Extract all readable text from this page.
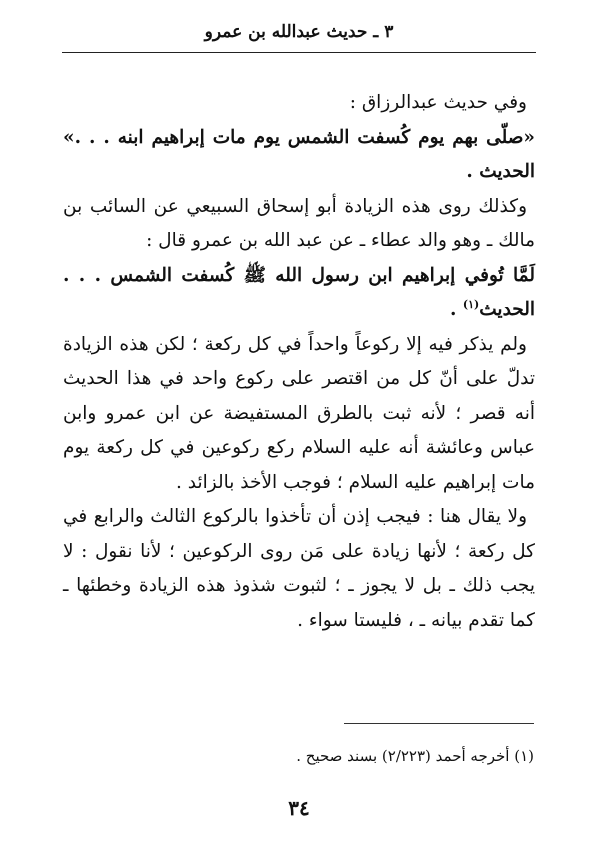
٣ ـ حديث عبدالله بن عمرو

وفي حديث عبدالرزاق :

«صلّى بهم يوم كُسفت الشمس يوم مات إبراهيم ابنه . . .» الحديث .

وكذلك روى هذه الزيادة أبو إسحاق السبيعي عن السائب بن مالك ـ وهو والد عطاء ـ عن عبد الله بن عمرو قال :

لَمَّا تُوفي إبراهيم ابن رسول الله ﷺ كُسفت الشمس . . . الحديث$^{(١)}$ .

ولم يذكر فيه إلا ركوعاً واحداً في كل ركعة ؛ لكن هذه الزيادة تدلّ على أنّ كل من اقتصر على ركوع واحد في هذا الحديث أنه قصر ؛ لأنه ثبت بالطرق المستفيضة عن ابن عمرو وابن عباس وعائشة أنه عليه السلام ركع ركوعين في كل ركعة يوم مات إبراهيم عليه السلام ؛ فوجب الأخذ بالزائد .

ولا يقال هنا : فيجب إذن أن تأخذوا بالركوع الثالث والرابع في كل ركعة ؛ لأنها زيادة على مَن روى الركوعين ؛ لأنا نقول : لا يجب ذلك ـ بل لا يجوز ـ ؛ لثبوت شذوذ هذه الزيادة وخطئها ـ كما تقدم بيانه ـ ، فليستا سواء .

(١) أخرجه أحمد (٢/٢٢٣) بسند صحيح .
٣٤
